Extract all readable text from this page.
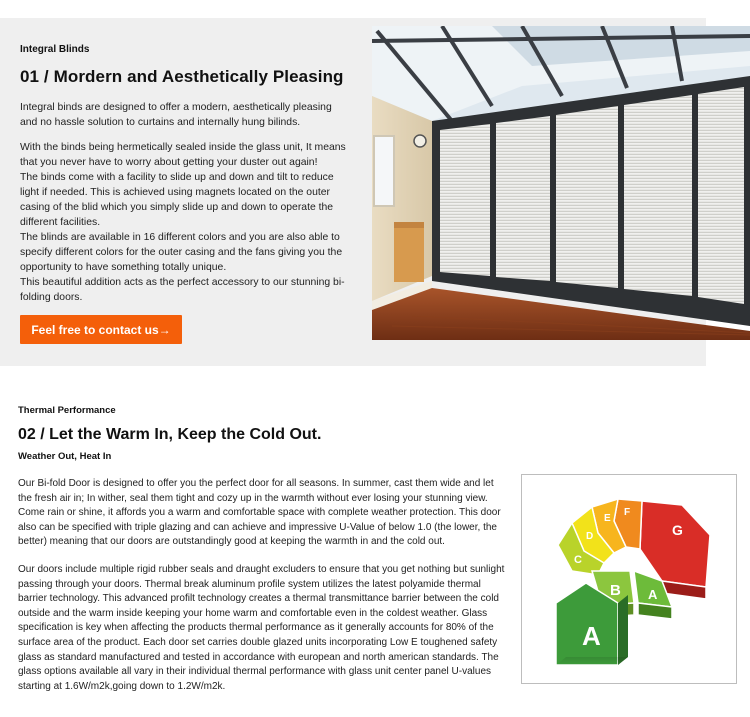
Integral Blinds
01 / Mordern and Aesthetically Pleasing

Integral binds are designed to offer a modern, aesthetically pleasing and no hassle solution to curtains and internally hung bilinds.

With the binds being hermetically sealed inside the glass unit, It means that you never have to worry about getting your duster out again!

The binds come with a facility to slide up and down and tilt to reduce light if needed. This is achieved using magnets located on the outer casing of the blid which you simply slide up and down to operate the different facilities.

The blinds are available in 16 different colors and you are also able to specify different colors for the outer casing and the fans giving you the opportunity to have something totally unique.

This beautiful addition acts as the perfect accessory to our stunning bi-folding doors.

Feel free to contact us→
Thermal Performance
02 / Let the Warm In, Keep the Cold Out.
Weather Out, Heat In

Our Bi-fold Door is designed to offer you the perfect door for all seasons. In summer, cast them wide and let the fresh air in; In wither, seal them tight and cozy up in the warmth without ever losing your stunning view. Come rain or shine, it affords you a warm and comfortable space with complete weather protection. This door also can be specified with triple glazing and can achieve and impressive U-Value of below 1.0 (the lower, the better) meaning that our doors are outstandingly good at keeping the warmth in and the cold out.

Our doors include multiple rigid rubber seals and draught excluders to ensure that you get nothing but sunlight passing through your doors. Thermal break aluminum profile system utilizes the latest polyamide thermal barrier technology. This advanced profilt technology creates a thermal transmittance barrier between the cold outside and the warm inside keeping your home warm and comfortable even in the coldest weather. Glass specification is key when affecting the products thermal performance as it generally accounts for 80% of the surface area of the product. Each door set carries double glazed units incorporating Low E toughened safety glass as standard manufactured and tested in accordance with european and north american standards. The glass options available all vary in their individual thermal performance with glass unit center panel U-values starting at 1.6W/m2k,going down to 1.2W/m2k.

A
B
C
D
E
F
G
A
